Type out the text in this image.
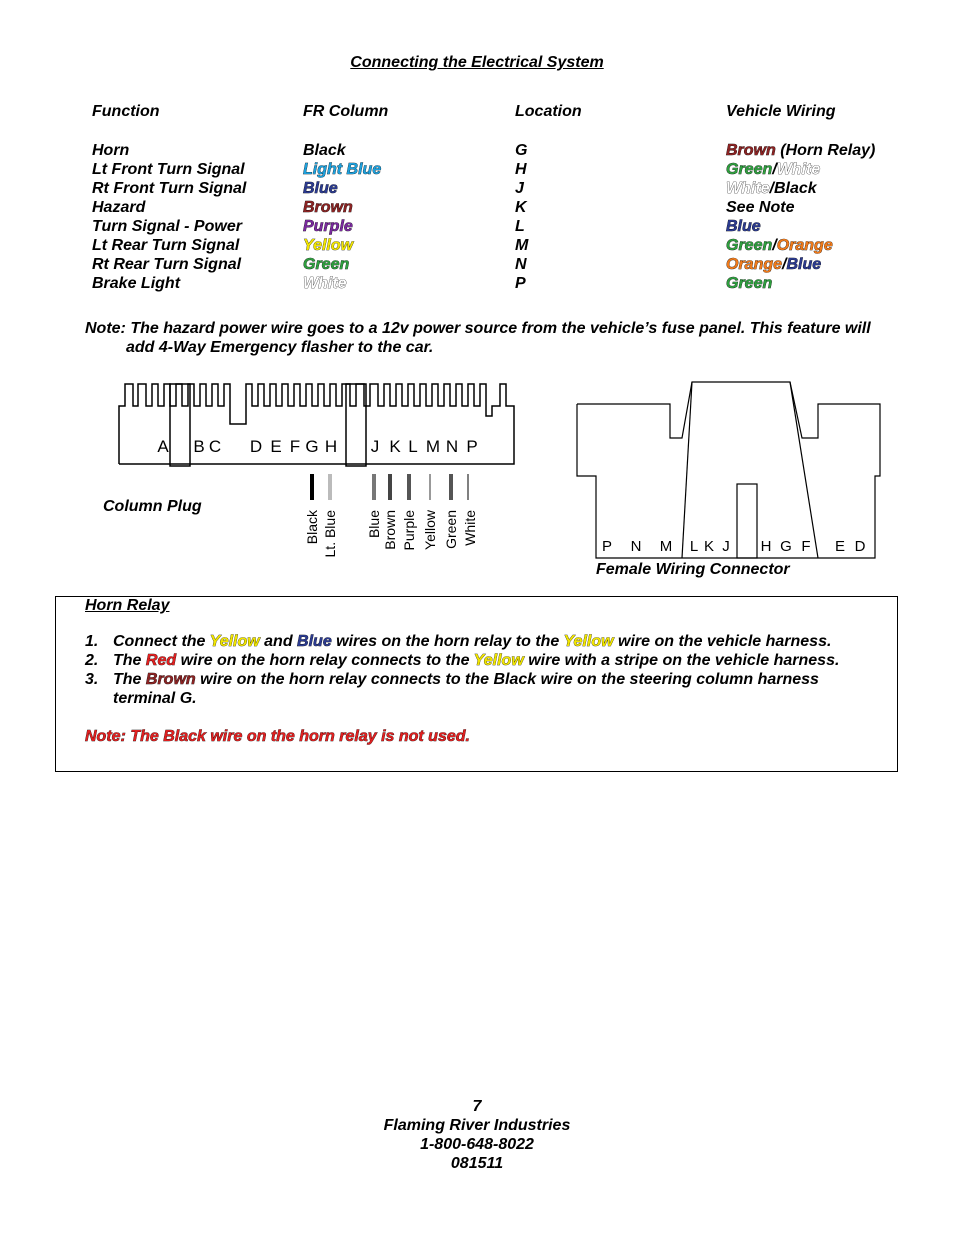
Connecting the Electrical System
Function	FR Column	Location	Vehicle Wiring
Horn	Black	G	Brown (Horn Relay)
Lt Front Turn Signal	Light Blue	H	Green/White
Rt Front Turn Signal	Blue	J	White/Black
Hazard	Brown	K	See Note
Turn Signal - Power	Purple	L	Blue
Lt Rear Turn Signal	Yellow	M	Green/Orange
Rt Rear Turn Signal	Green	N	Orange/Blue
Brake Light	White	P	Green
Note: The hazard power wire goes to a 12v power source from the vehicle’s fuse panel. This feature will
add 4-Way Emergency flasher to the car.
A B C D E F G H J K L M N P
Black Lt. Blue Blue Brown Purple Yellow Green White
Column Plug
P N M L K J H G F E D
Female Wiring Connector
Horn Relay
1. Connect the Yellow and Blue wires on the horn relay to the Yellow wire on the vehicle harness.
2. The Red wire on the horn relay connects to the Yellow wire with a stripe on the vehicle harness.
3. The Brown wire on the horn relay connects to the Black wire on the steering column harness
terminal G.
Note: The Black wire on the horn relay is not used.
7
Flaming River Industries
1-800-648-8022
081511
